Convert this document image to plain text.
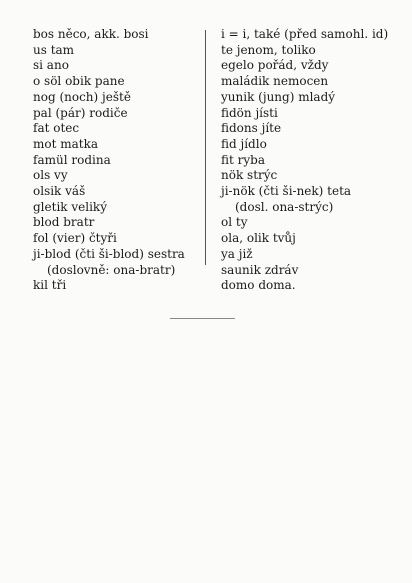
bos něco, akk. bosi
us tam
si ano
o söl obik pane
nog (noch) ještě
pal (pár) rodiče
fat otec
mot matka
famül rodina
ols vy
olsik váš
gletik veliký
blod bratr
fol (vier) čtyři
ji-blod (čti ši-blod) sestra
(doslovně: ona-bratr)
kil tři
i = i, také (před samohl. id)
te jenom, toliko
egelo pořád, vždy
maládik nemocen
yunik (jung) mladý
fidön jísti
fidons jíte
fid jídlo
fit ryba
nök strýc
ji-nök (čti ši-nek) teta
(dosl. ona-strýc)
ol ty
ola, olik tvůj
ya již
saunik zdráv
domo doma.
